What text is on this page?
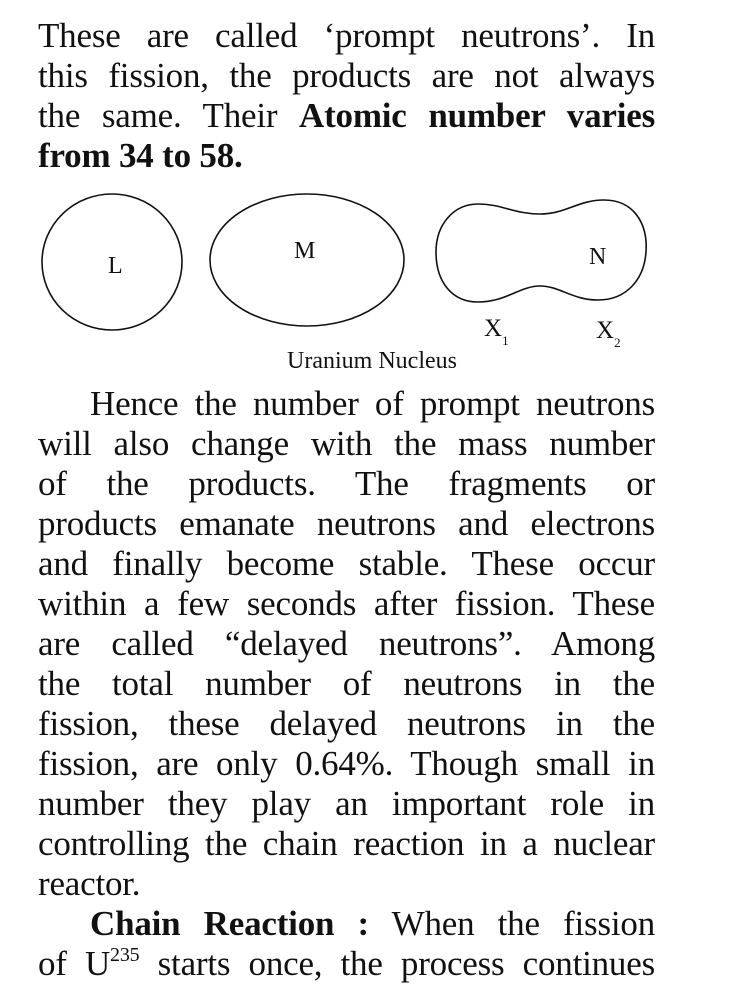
These are called ‘prompt neutrons’. In
this fission, the products are not always
the same. Their Atomic number varies
from 34 to 58.
L
M	N
$X_1$	$X_2$
Uranium Nucleus
Hence the number of prompt neutrons
will also change with the mass number
of the products. The fragments or
products emanate neutrons and electrons
and finally become stable. These occur
within a few seconds after fission. These
are called “delayed neutrons”. Among
the total number of neutrons in the
fission, these delayed neutrons in the
fission, are only 0.64%. Though small in
number they play an important role in
controlling the chain reaction in a nuclear
reactor.
Chain Reaction : When the fission
of $U^{235}$ starts once, the process continues
